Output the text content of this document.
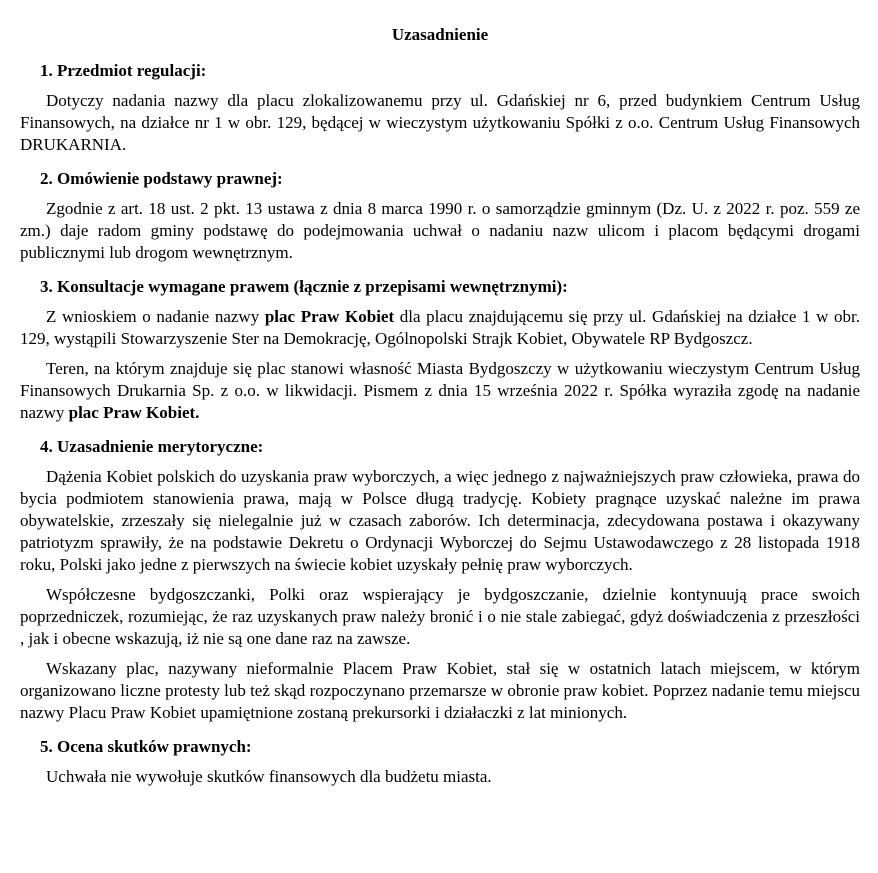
Uzasadnienie
1. Przedmiot regulacji:

Dotyczy nadania nazwy dla placu zlokalizowanemu przy ul. Gdańskiej nr 6, przed budynkiem Centrum Usług Finansowych, na działce nr 1 w obr. 129, będącej w wieczystym użytkowaniu Spółki z o.o. Centrum Usług Finansowych DRUKARNIA.

2. Omówienie podstawy prawnej:

Zgodnie z art. 18 ust. 2 pkt. 13 ustawa z dnia 8 marca 1990 r. o samorządzie gminnym (Dz. U. z 2022 r. poz. 559 ze zm.) daje radom gminy podstawę do podejmowania uchwał o nadaniu nazw ulicom i placom będącymi drogami publicznymi lub drogom wewnętrznym.

3. Konsultacje wymagane prawem (łącznie z przepisami wewnętrznymi):

Z wnioskiem o nadanie nazwy plac Praw Kobiet dla placu znajdującemu się przy ul. Gdańskiej na działce 1 w obr. 129, wystąpili Stowarzyszenie Ster na Demokrację, Ogólnopolski Strajk Kobiet, Obywatele RP Bydgoszcz.

Teren, na którym znajduje się plac stanowi własność Miasta Bydgoszczy w użytkowaniu wieczystym Centrum Usług Finansowych Drukarnia Sp. z o.o. w likwidacji. Pismem z dnia 15 września 2022 r. Spółka wyraziła zgodę na nadanie nazwy plac Praw Kobiet.

4. Uzasadnienie merytoryczne:

Dążenia Kobiet polskich do uzyskania praw wyborczych, a więc jednego z najważniejszych praw człowieka, prawa do bycia podmiotem stanowienia prawa, mają w Polsce długą tradycję. Kobiety pragnące uzyskać należne im prawa obywatelskie, zrzeszały się nielegalnie już w czasach zaborów. Ich determinacja, zdecydowana postawa i okazywany patriotyzm sprawiły, że na podstawie Dekretu o Ordynacji Wyborczej do Sejmu Ustawodawczego z 28 listopada 1918 roku, Polski jako jedne z pierwszych na świecie kobiet uzyskały pełnię praw wyborczych.

Współczesne bydgoszczanki, Polki oraz wspierający je bydgoszczanie, dzielnie kontynuują prace swoich poprzedniczek, rozumiejąc, że raz uzyskanych praw należy bronić i o nie stale zabiegać, gdyż doświadczenia z przeszłości , jak i obecne wskazują, iż nie są one dane raz na zawsze.

Wskazany plac, nazywany nieformalnie Placem Praw Kobiet, stał się w ostatnich latach miejscem, w którym organizowano liczne protesty lub też skąd rozpoczynano przemarsze w obronie praw kobiet. Poprzez nadanie temu miejscu nazwy Placu Praw Kobiet upamiętnione zostaną prekursorki i działaczki z lat minionych.

5. Ocena skutków prawnych:

Uchwała nie wywołuje skutków finansowych dla budżetu miasta.
